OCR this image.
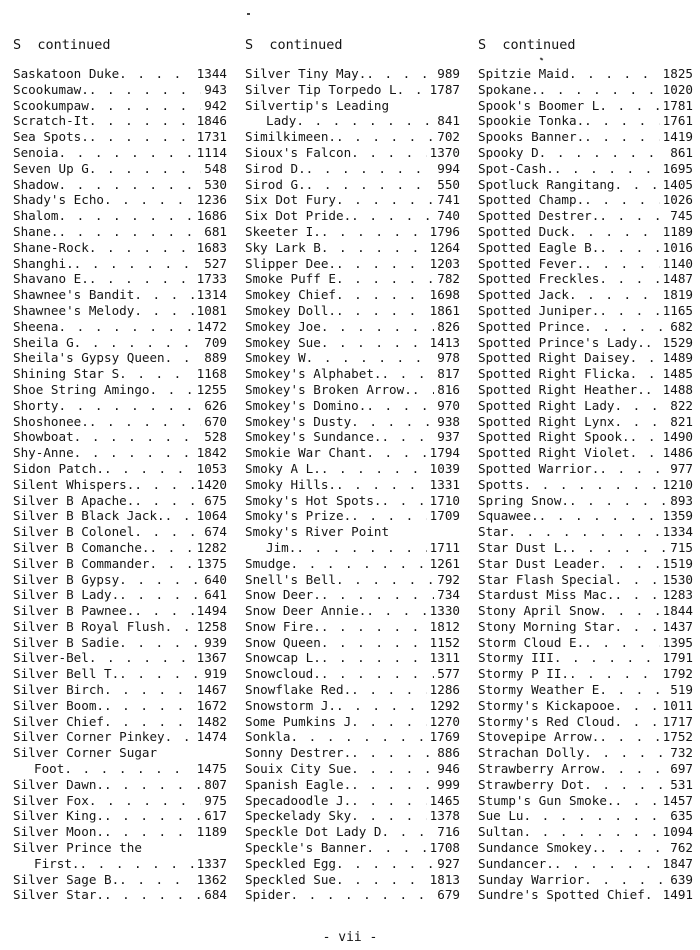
S  continued
Saskatoon Duke . . .	1344
Scookumaw. . . .	943
Scookumpaw . . .	942
Scratch-It . . .	1846
Sea Spots. . . .	1731
Senoia . . .	1114
Seven Up G . . .	548
Shadow . . .	530
Shady's Echo . . .	1236
Shalom . . .	1686
Shane. . . .	681
Shane-Rock . . .	1683
Shanghi. . . .	527
Shavano E. . . .	1733
Shawnee's Bandit . . .	1314
Shawnee's Melody . . .	1081
Sheena . . .	1472
Sheila G . . .	709
Sheila's Gypsy Queen . . .	889
Shining Star S . . .	1168
Shoe String Amingo . . .	1255
Shorty . . .	626
Shoshonee. . . .	670
Showboat . . .	528
Shy-Anne . . .	1842
Sidon Patch. . . .	1053
Silent Whispers. . . .	1420
Silver B Apache. . . .	675
Silver B Black Jack. . . .	1064
Silver B Colonel . . .	674
Silver B Comanche. . . .	1282
Silver B Commander . . .	1375
Silver B Gypsy . . .	640
Silver B Lady. . . .	641
Silver B Pawnee. . . .	1494
Silver B Royal Flush . . .	1258
Silver B Sadie . . .	939
Silver-Bel . . .	1367
Silver Bell T. . . .	919
Silver Birch . . .	1467
Silver Boom. . . .	1672
Silver Chief . . .	1482
Silver Corner Pinkey . . .	1474
Silver Corner Sugar
Foot . . .	1475
Silver Dawn. . . .	807
Silver Fox . . .	975
Silver King. . . .	617
Silver Moon. . . .	1189
Silver Prince the
First. . . .	1337
Silver Sage B. . . .	1362
Silver Star. . . .	684
S  continued
Silver Tiny May. . . .	989
Silver Tip Torpedo L . . .	1787
Silvertip's Leading
Lady . . .	841
Similkimeen. . . .	702
Sioux's Falcon . . .	1370
Sirod D. . . .	994
Sirod G. . . .	550
Six Dot Fury . . .	741
Six Dot Pride. . . .	740
Skeeter I. . . .	1796
Sky Lark B . . .	1264
Slipper Dee. . . .	1203
Smoke Puff E . . .	782
Smokey Chief . . .	1698
Smokey Doll. . . .	1861
Smokey Joe . . .	826
Smokey Sue . . .	1413
Smokey W . . .	978
Smokey's Alphabet. . . .	817
Smokey's Broken Arrow. . . . 816
Smokey's Domino. . . .	970
Smokey's Dusty . . .	938
Smokey's Sundance. . . .	937
Smokie War Chant . . .	1794
Smoky A L. . . .	1039
Smoky Hills. . . .	1331
Smoky's Hot Spots. . . .	1710
Smoky's Prize. . . .	1709
Smoky's River Point
Jim. . . .	1711
Smudge . . .	1261
Snell's Bell . . .	792
Snow Deer. . . .	734
Snow Deer Annie. . . .	1330
Snow Fire. . . .	1812
Snow Queen . . .	1152
Snowcap L. . . .	1311
Snowcloud. . . .	577
Snowflake Red. . . .	1286
Snowstorm J. . . .	1292
Some Pumkins J . . .	1270
Sonkla . . .	1769
Sonny Destrer. . . .	886
Souix City Sue . . .	946
Spanish Eagle. . . .	999
Specadoodle J. . . .	1465
Speckelady Sky . . .	1378
Speckle Dot Lady D . . .	716
Speckle's Banner . . .	1708
Speckled Egg . . .	927
Speckled Sue . . .	1813
Spider . . .	679
S  continued
Spitzie Maid . . .	1825
Spokane. . . .	1020
Spook's Boomer L . . .	1781
Spookie Tonka. . . .	1761
Spooks Banner. . . .	1419
Spooky D . . .	861
Spot-Cash. . . .	1695
Spotluck Rangitang . . .	1405
Spotted Champ. . . .	1026
Spotted Destrer. . . .	745
Spotted Duck . . .	1189
Spotted Eagle B. . . .	1016
Spotted Fever. . . .	1140
Spotted Freckles . . .	1487
Spotted Jack . . .	1819
Spotted Juniper. . . .	1165
Spotted Prince . . .	682
Spotted Prince's Lady. . . . 1529
Spotted Right Daisey . . .	1489
Spotted Right Flicka . . .	1485
Spotted Right Heather. . . . 1488
Spotted Right Lady . . .	822
Spotted Right Lynx . . .	821
Spotted Right Spook. . . .	1490
Spotted Right Violet . . .	1486
Spotted Warrior. . . .	977
Spotts . . .	1210
Spring Snow. . . .	893
Squawee. . . .	1359
Star . . .	1334
Star Dust L. . . .	715
Star Dust Leader . . .	1519
Star Flash Special . . .	1530
Stardust Miss Mac. . . .	1283
Stony April Snow . . .	1844
Stony Morning Star . . .	1437
Storm Cloud E. . . .	1395
Stormy III . . .	1791
Stormy P II. . . .	1792
Stormy Weather E . . .	519
Stormy's Kickapooe . . .	1011
Stormy's Red Cloud . . .	1717
Stovepipe Arrow. . . .	1752
Strachan Dolly . . .	732
Strawberry Arrow . . .	697
Strawberry Dot . . .	531
Stump's Gun Smoke. . . .	1457
Sue Lu . . .	635
Sultan . . .	1094
Sundance Smokey. . . .	762
Sundancer. . . .	1847
Sunday Warrior . . .	639
Sundre's Spotted Chief . . . 1491
- vii -
